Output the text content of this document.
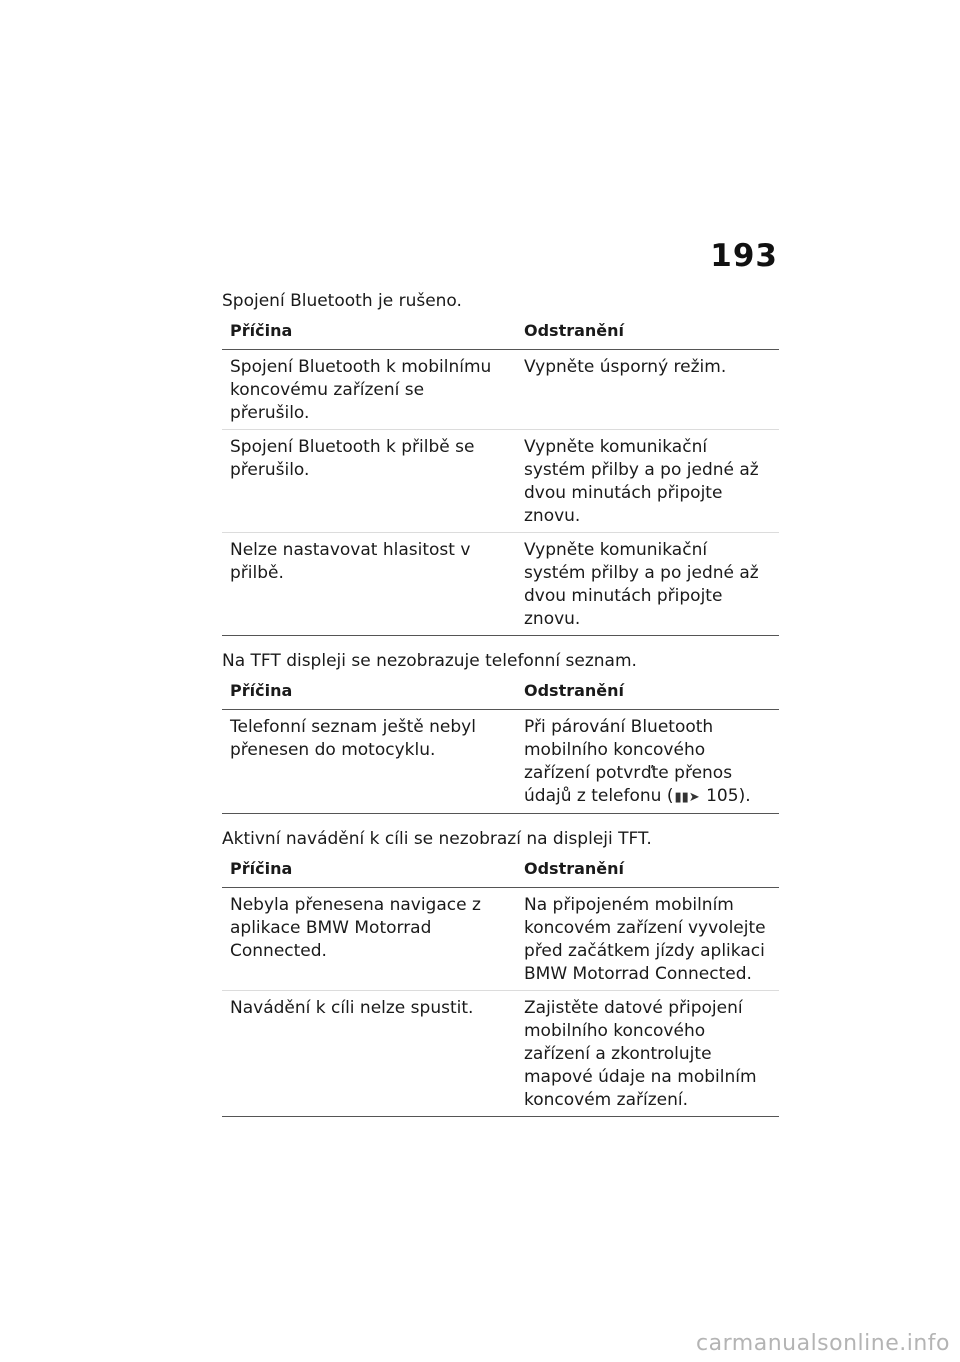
193
Spojení Bluetooth je rušeno.
Příčina	Odstranění
Spojení Bluetooth k mobilnímu koncovému zařízení se přerušilo.	Vypněte úsporný režim.
Spojení Bluetooth k přilbě se přerušilo.	Vypněte komunikační systém přilby a po jedné až dvou minutách připojte znovu.
Nelze nastavovat hlasitost v přilbě.	Vypněte komunikační systém přilby a po jedné až dvou minutách připojte znovu.
Na TFT displeji se nezobrazuje telefonní seznam.
Příčina	Odstranění
Telefonní seznam ještě nebyl přenesen do motocyklu.	Při párování Bluetooth mobilního koncového zařízení potvrďte přenos údajů z telefonu (▮▮➤ 105).
Aktivní navádění k cíli se nezobrazí na displeji TFT.
Příčina	Odstranění
Nebyla přenesena navigace z aplikace BMW Motorrad Connected.	Na připojeném mobilním koncovém zařízení vyvolejte před začátkem jízdy aplikaci BMW Motorrad Connected.
Navádění k cíli nelze spustit.	Zajistěte datové připojení mobilního koncového zařízení a zkontrolujte mapové údaje na mobilním koncovém zařízení.
carmanualsonline.info
